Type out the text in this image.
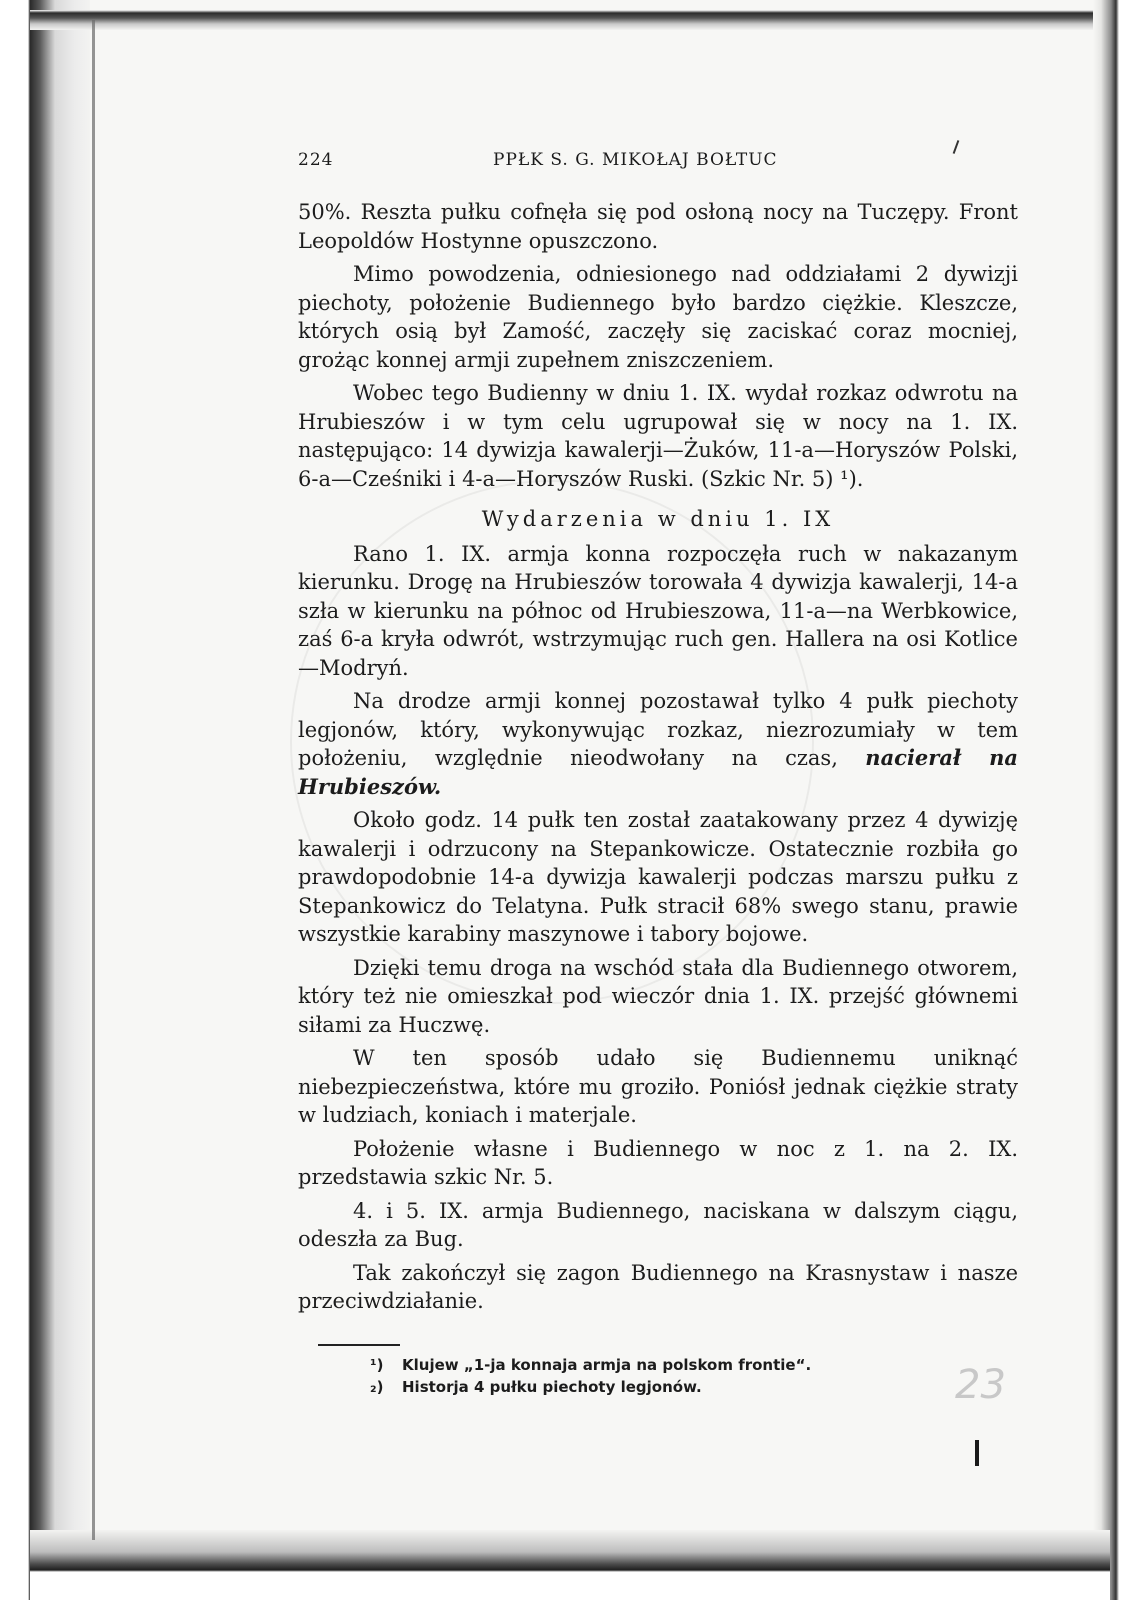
224	PPŁK S. G. MIKOŁAJ BOŁTUC

50%. Reszta pułku cofnęła się pod osłoną nocy na Tuczępy. Front Leopoldów Hostynne opuszczono.

Mimo powodzenia, odniesionego nad oddziałami 2 dywizji piechoty, położenie Budiennego było bardzo ciężkie. Kleszcze, których osią był Zamość, zaczęły się zaciskać coraz mocniej, grożąc konnej armji zupełnem zniszczeniem.

Wobec tego Budienny w dniu 1. IX. wydał rozkaz odwrotu na Hrubieszów i w tym celu ugrupował się w nocy na 1. IX. następująco: 14 dywizja kawalerji—Żuków, 11-a—Horyszów Polski, 6-a—Cześniki i 4-a—Horyszów Ruski. (Szkic Nr. 5) ¹).

Wydarzenia w dniu 1. IX

Rano 1. IX. armja konna rozpoczęła ruch w nakazanym kierunku. Drogę na Hrubieszów torowała 4 dywizja kawalerji, 14-a szła w kierunku na północ od Hrubieszowa, 11-a—na Werbkowice, zaś 6-a kryła odwrót, wstrzymując ruch gen. Hallera na osi Kotlice—Modryń.

Na drodze armji konnej pozostawał tylko 4 pułk piechoty legjonów, który, wykonywując rozkaz, niezrozumiały w tem położeniu, względnie nieodwołany na czas, nacierał na Hrubieszów.

Około godz. 14 pułk ten został zaatakowany przez 4 dywizję kawalerji i odrzucony na Stepankowicze. Ostatecznie rozbiła go prawdopodobnie 14-a dywizja kawalerji podczas marszu pułku z Stepankowicz do Telatyna. Pułk stracił 68% swego stanu, prawie wszystkie karabiny maszynowe i tabory bojowe.

Dzięki temu droga na wschód stała dla Budiennego otworem, który też nie omieszkał pod wieczór dnia 1. IX. przejść głównemi siłami za Huczwę.

W ten sposób udało się Budiennemu uniknąć niebezpieczeństwa, które mu groziło. Poniósł jednak ciężkie straty w ludziach, koniach i materjale.

Położenie własne i Budiennego w noc z 1. na 2. IX. przedstawia szkic Nr. 5.

4. i 5. IX. armja Budiennego, naciskana w dalszym ciągu, odeszła za Bug.

Tak zakończył się zagon Budiennego na Krasnystaw i nasze przeciwdziałanie.

¹) Klujew „1-ja konnaja armja na polskom frontie“.
₂) Historja 4 pułku piechoty legjonów.	23
